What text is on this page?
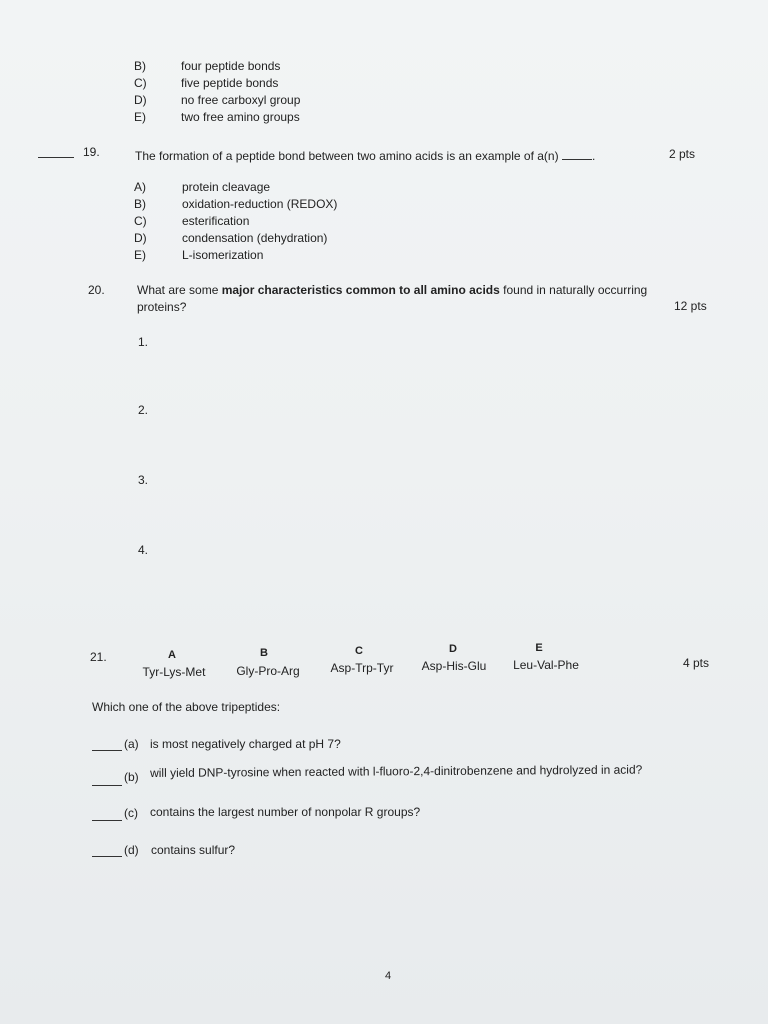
B)	four peptide bonds
C)	five peptide bonds
D)	no free carboxyl group
E)	two free amino groups
19.	The formation of a peptide bond between two amino acids is an example of a(n)	.	2 pts
A)	protein cleavage
B)	oxidation-reduction (REDOX)
C)	esterification
D)	condensation (dehydration)
E)	L-isomerization
20.	What are some major characteristics common to all amino acids found in naturally occurring
proteins?	12 pts
1.
2.
3.
4.
21.	4 pts
A
Tyr-Lys-Met
B
Gly-Pro-Arg
C
Asp-Trp-Tyr
D
Asp-His-Glu
E
Leu-Val-Phe
Which one of the above tripeptides:
(a) is most negatively charged at pH 7?
(b) will yield DNP-tyrosine when reacted with l-fluoro-2,4-dinitrobenzene and hydrolyzed in acid?
(c) contains the largest number of nonpolar R groups?
(d) contains sulfur?
4
